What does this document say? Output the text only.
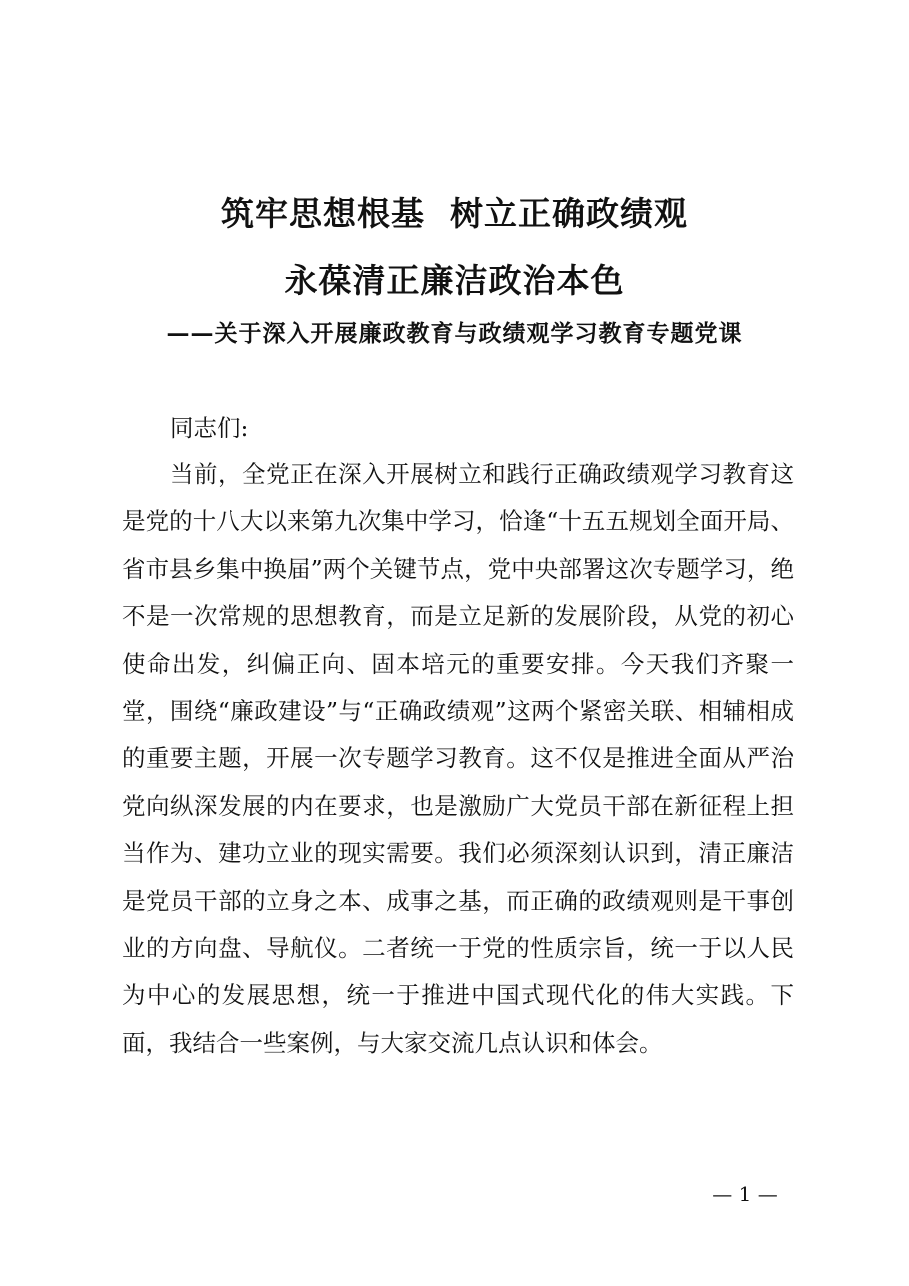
筑牢思想根基  树立正确政绩观
永葆清正廉洁政治本色
——关于深入开展廉政教育与政绩观学习教育专题党课
同志们:

当前，全党正在深入开展树立和践行正确政绩观学习教育这是党的十八大以来第九次集中学习，恰逢“十五五规划全面开局、省市县乡集中换届”两个关键节点，党中央部署这次专题学习，绝不是一次常规的思想教育，而是立足新的发展阶段，从党的初心使命出发，纠偏正向、固本培元的重要安排。今天我们齐聚一堂，围绕“廉政建设”与“正确政绩观”这两个紧密关联、相辅相成的重要主题，开展一次专题学习教育。这不仅是推进全面从严治党向纵深发展的内在要求，也是激励广大党员干部在新征程上担当作为、建功立业的现实需要。我们必须深刻认识到，清正廉洁是党员干部的立身之本、成事之基，而正确的政绩观则是干事创业的方向盘、导航仪。二者统一于党的性质宗旨，统一于以人民为中心的发展思想，统一于推进中国式现代化的伟大实践。下面，我结合一些案例，与大家交流几点认识和体会。

— 1 —
